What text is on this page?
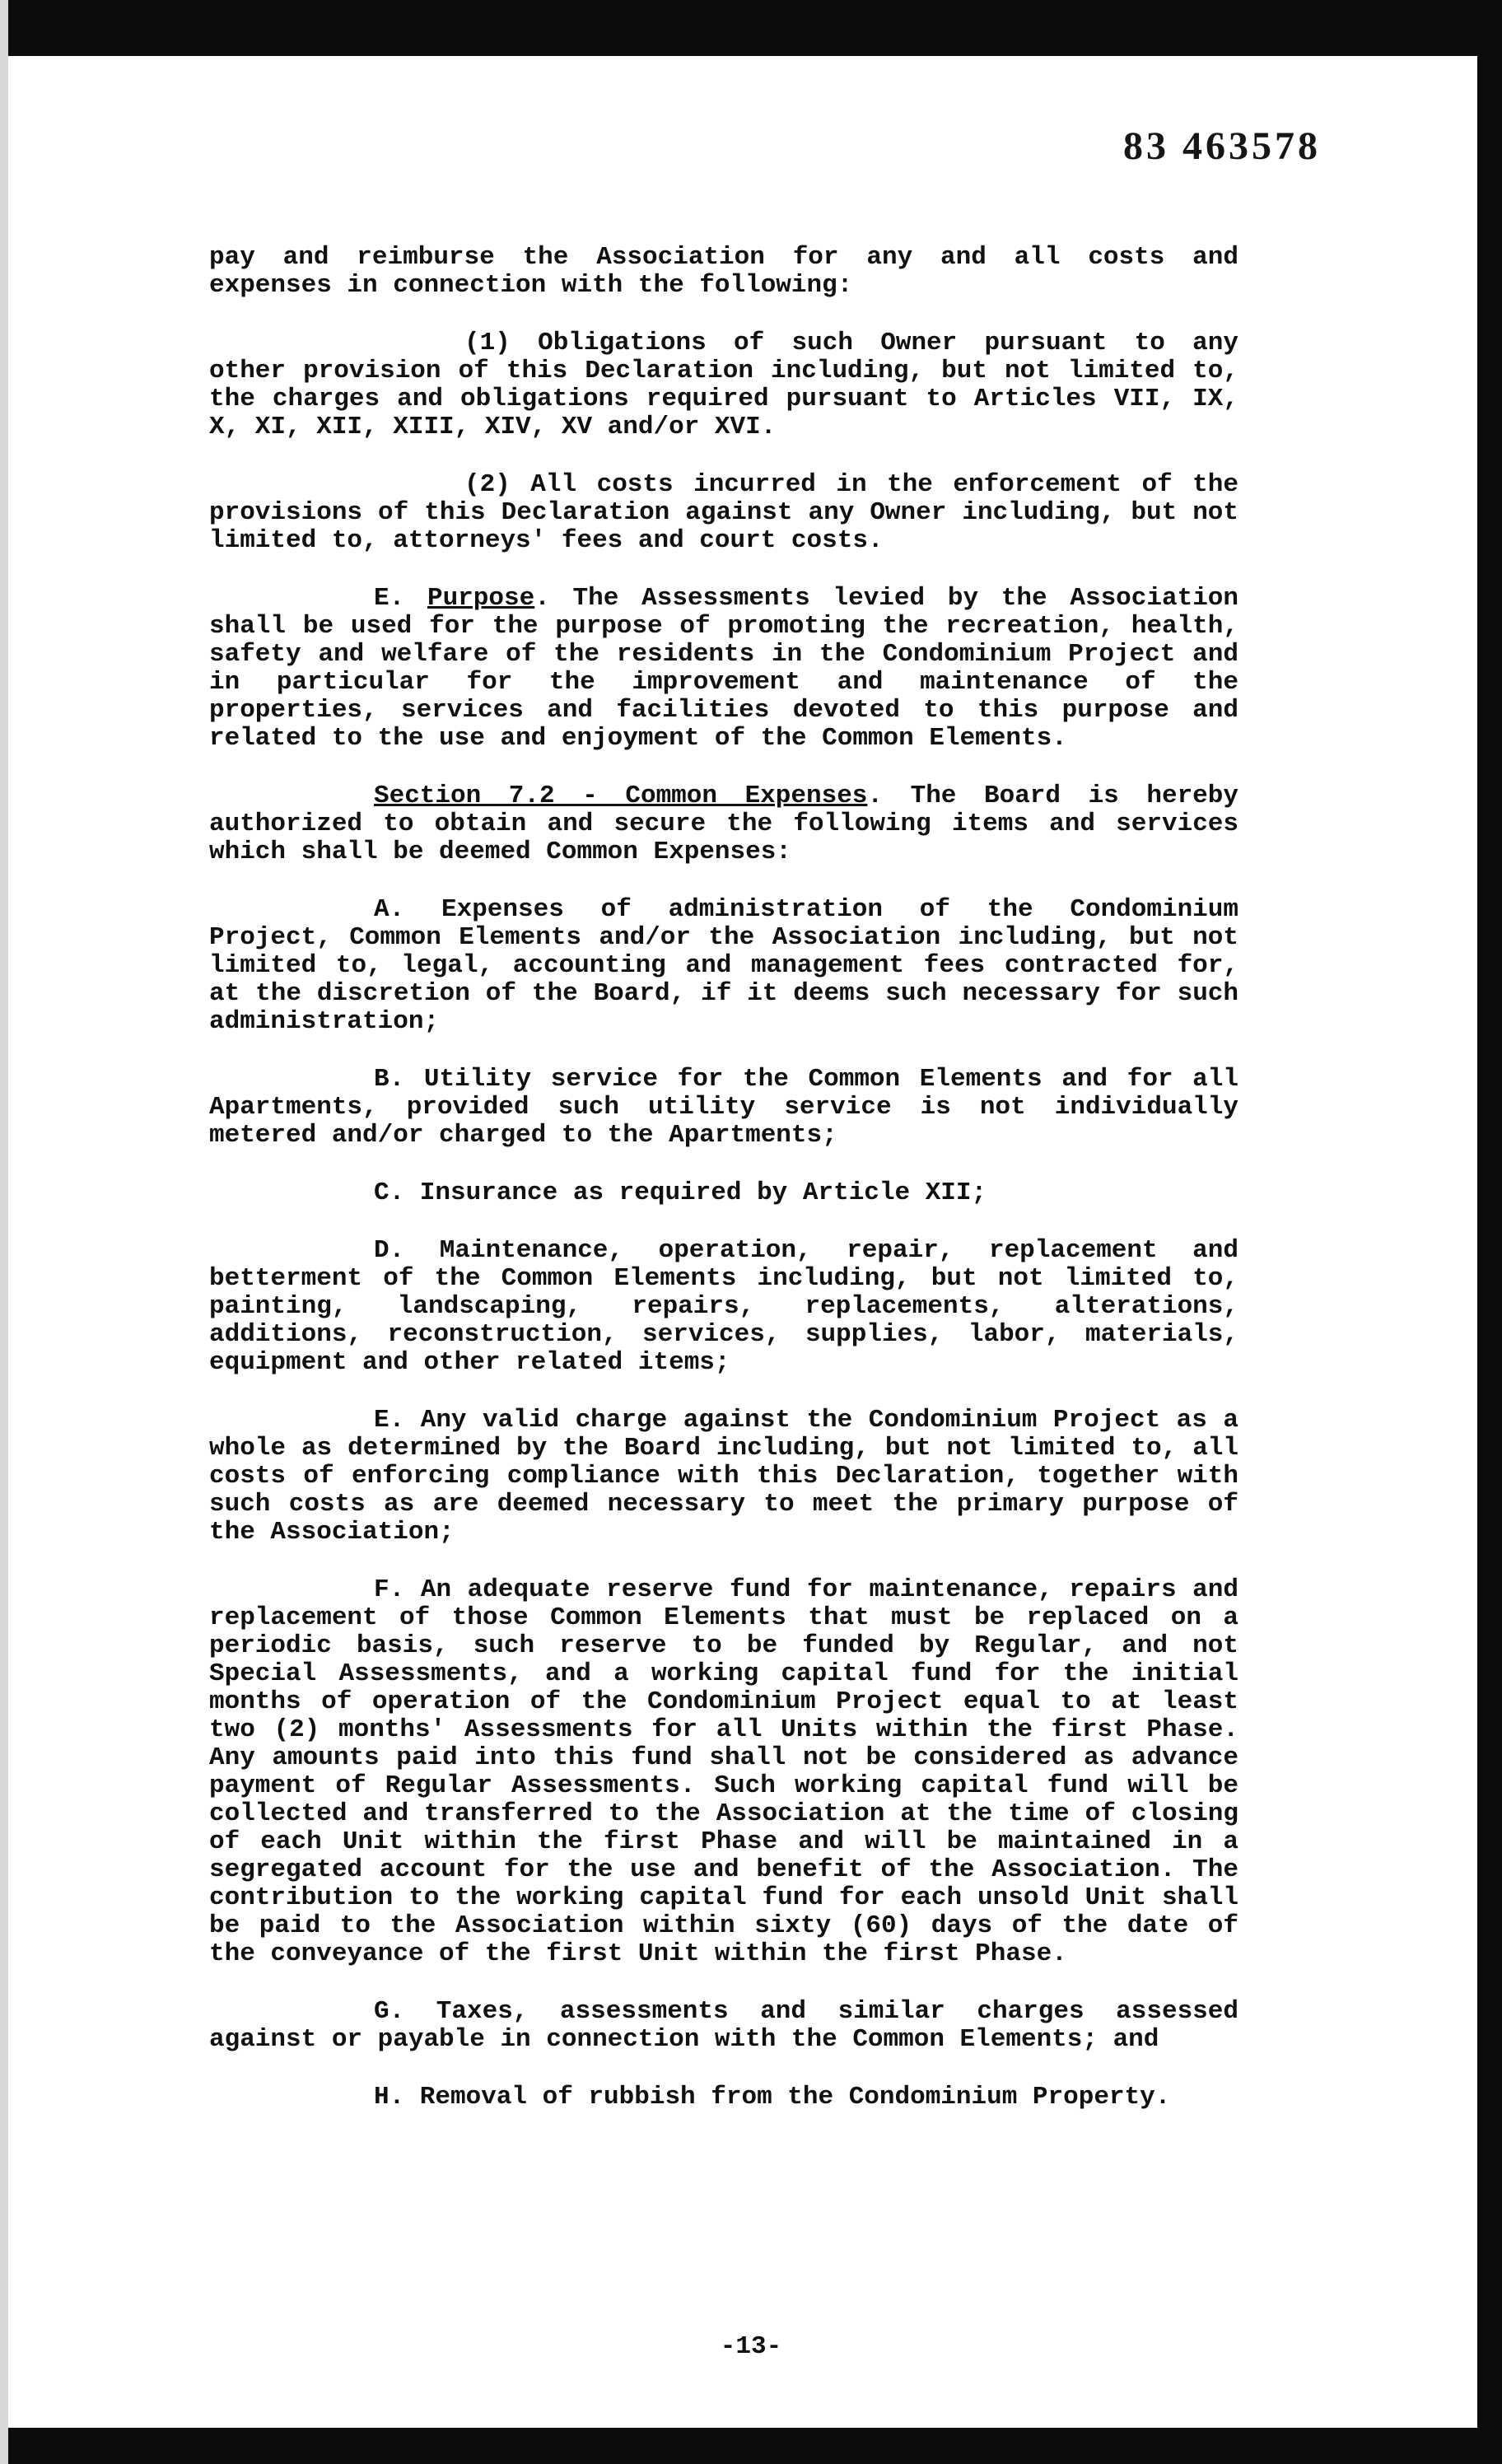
83 463578

pay and reimburse the Association for any and all costs and expenses in connection with the following:

(1) Obligations of such Owner pursuant to any other provision of this Declaration including, but not limited to, the charges and obligations required pursuant to Articles VII, IX, X, XI, XII, XIII, XIV, XV and/or XVI.

(2) All costs incurred in the enforcement of the provisions of this Declaration against any Owner including, but not limited to, attorneys' fees and court costs.

E. Purpose. The Assessments levied by the Association shall be used for the purpose of promoting the recreation, health, safety and welfare of the residents in the Condominium Project and in particular for the improvement and maintenance of the properties, services and facilities devoted to this purpose and related to the use and enjoyment of the Common Elements.

Section 7.2 - Common Expenses. The Board is hereby authorized to obtain and secure the following items and services which shall be deemed Common Expenses:

A. Expenses of administration of the Condominium Project, Common Elements and/or the Association including, but not limited to, legal, accounting and management fees contracted for, at the discretion of the Board, if it deems such necessary for such administration;

B. Utility service for the Common Elements and for all Apartments, provided such utility service is not individually metered and/or charged to the Apartments;

C. Insurance as required by Article XII;

D. Maintenance, operation, repair, replacement and betterment of the Common Elements including, but not limited to, painting, landscaping, repairs, replacements, alterations, additions, reconstruction, services, supplies, labor, materials, equipment and other related items;

E. Any valid charge against the Condominium Project as a whole as determined by the Board including, but not limited to, all costs of enforcing compliance with this Declaration, together with such costs as are deemed necessary to meet the primary purpose of the Association;

F. An adequate reserve fund for maintenance, repairs and replacement of those Common Elements that must be replaced on a periodic basis, such reserve to be funded by Regular, and not Special Assessments, and a working capital fund for the initial months of operation of the Condominium Project equal to at least two (2) months' Assessments for all Units within the first Phase. Any amounts paid into this fund shall not be considered as advance payment of Regular Assessments. Such working capital fund will be collected and transferred to the Association at the time of closing of each Unit within the first Phase and will be maintained in a segregated account for the use and benefit of the Association. The contribution to the working capital fund for each unsold Unit shall be paid to the Association within sixty (60) days of the date of the conveyance of the first Unit within the first Phase.

G. Taxes, assessments and similar charges assessed against or payable in connection with the Common Elements; and

H. Removal of rubbish from the Condominium Property.

-13-
